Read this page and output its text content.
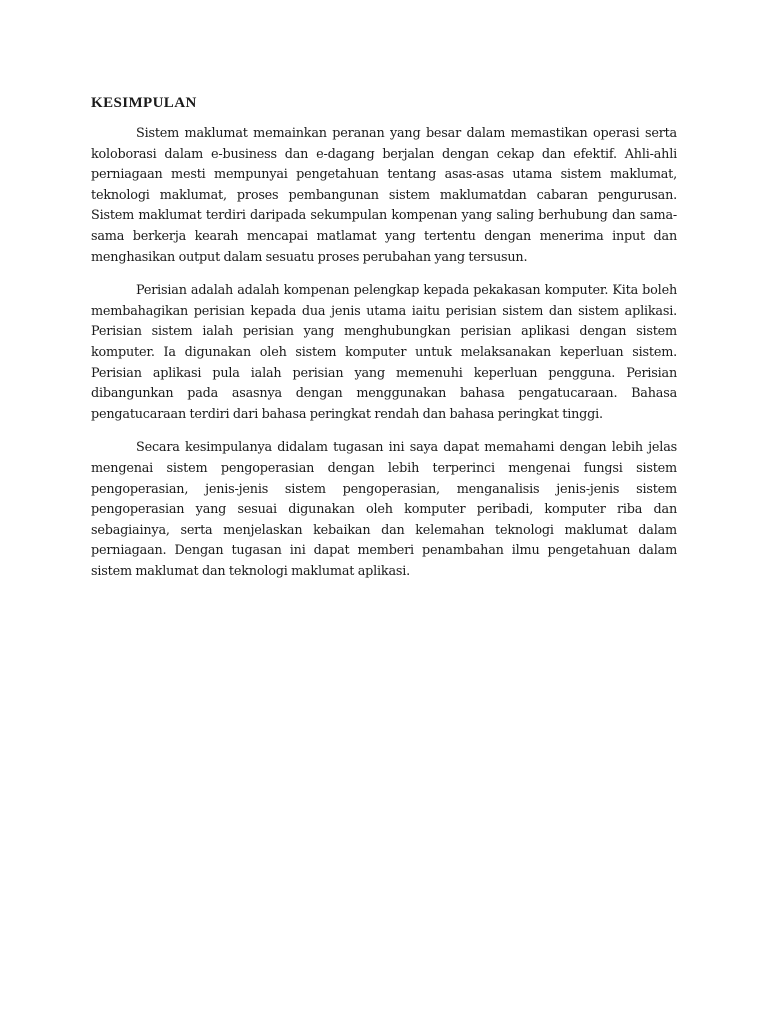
KESIMPULAN

Sistem maklumat memainkan peranan yang besar dalam memastikan operasi serta koloborasi dalam e-business dan e-dagang berjalan dengan cekap dan efektif. Ahli-ahli perniagaan mesti mempunyai pengetahuan tentang asas-asas utama sistem maklumat, teknologi maklumat, proses pembangunan sistem maklumatdan cabaran pengurusan. Sistem maklumat terdiri daripada sekumpulan kompenan yang saling berhubung dan sama-sama berkerja kearah mencapai matlamat yang tertentu dengan menerima input dan menghasikan output dalam sesuatu proses perubahan yang tersusun.

Perisian adalah adalah kompenan pelengkap kepada pekakasan komputer. Kita boleh membahagikan perisian kepada dua jenis utama iaitu perisian sistem dan sistem aplikasi. Perisian sistem ialah perisian yang menghubungkan perisian aplikasi dengan sistem komputer. Ia digunakan oleh sistem komputer untuk melaksanakan keperluan sistem. Perisian aplikasi pula ialah perisian yang memenuhi keperluan pengguna. Perisian dibangunkan pada asasnya dengan menggunakan bahasa pengatucaraan. Bahasa pengatucaraan terdiri dari bahasa peringkat rendah dan bahasa peringkat tinggi.

Secara kesimpulanya didalam tugasan ini saya dapat memahami dengan lebih jelas mengenai sistem pengoperasian dengan lebih terperinci mengenai fungsi sistem pengoperasian, jenis-jenis sistem pengoperasian, menganalisis jenis-jenis sistem pengoperasian yang sesuai digunakan oleh komputer peribadi, komputer riba dan sebagiainya, serta menjelaskan kebaikan dan kelemahan teknologi maklumat dalam perniagaan. Dengan tugasan ini dapat memberi penambahan ilmu pengetahuan dalam sistem maklumat dan teknologi maklumat aplikasi.
